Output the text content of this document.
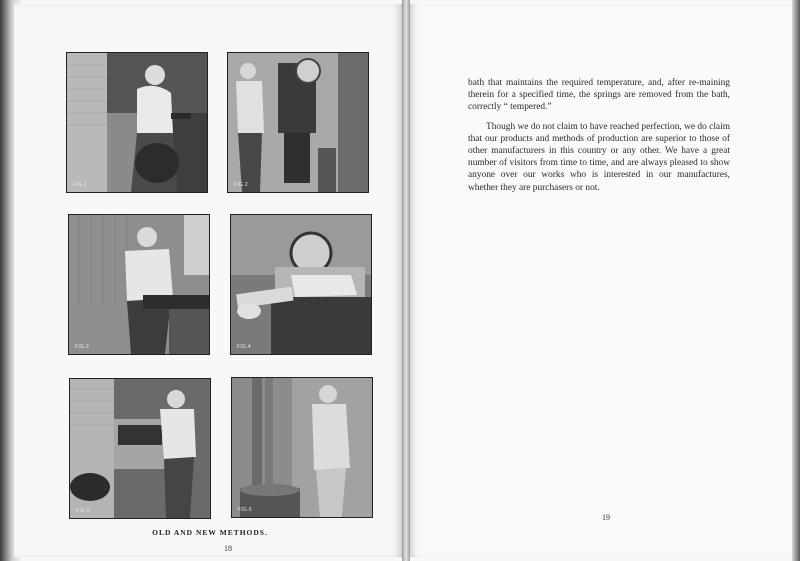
FIG.1	FIG.2
FIG.3	FIG.4
FIG.5	FIG.6
OLD AND NEW METHODS.
18

bath that maintains the required temperature, and, after re-maining therein for a specified time, the springs are removed from the bath, correctly “ tempered.”

Though we do not claim to have reached perfection, we do claim that our products and methods of production are superior to those of other manufacturers in this country or any other. We have a great number of visitors from time to time, and are always pleased to show anyone over our works who is interested in our manufactures, whether they are purchasers or not.

19
